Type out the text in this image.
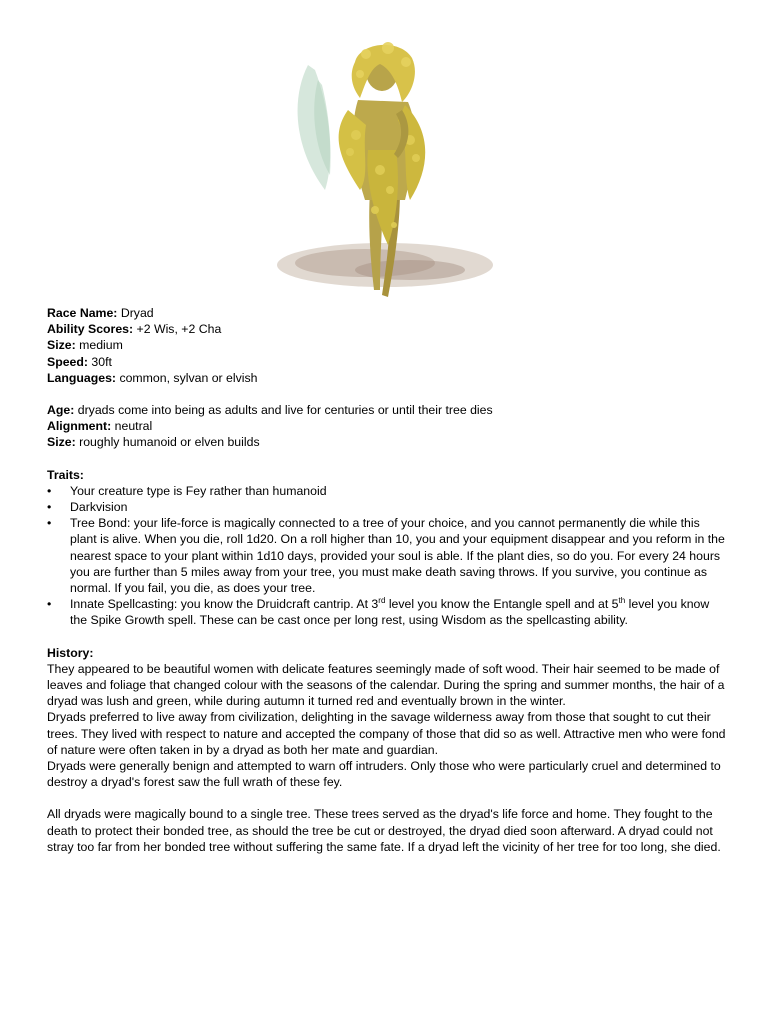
Race Name: Dryad

Ability Scores: +2 Wis, +2 Cha

Size: medium

Speed: 30ft

Languages: common, sylvan or elvish

Age: dryads come into being as adults and live for centuries or until their tree dies

Alignment: neutral

Size: roughly humanoid or elven builds

Traits:

• Your creature type is Fey rather than humanoid
• Darkvision
• Tree Bond: your life-force is magically connected to a tree of your choice, and you cannot permanently die while this plant is alive. When you die, roll 1d20. On a roll higher than 10, you and your equipment disappear and you reform in the nearest space to your plant within 1d10 days, provided your soul is able. If the plant dies, so do you. For every 24 hours you are further than 5 miles away from your tree, you must make death saving throws. If you survive, you continue as normal. If you fail, you die, as does your tree.
• Innate Spellcasting: you know the Druidcraft cantrip. At 3rd level you know the Entangle spell and at 5th level you know the Spike Growth spell. These can be cast once per long rest, using Wisdom as the spellcasting ability.

History:

They appeared to be beautiful women with delicate features seemingly made of soft wood. Their hair seemed to be made of leaves and foliage that changed colour with the seasons of the calendar. During the spring and summer months, the hair of a dryad was lush and green, while during autumn it turned red and eventually brown in the winter.

Dryads preferred to live away from civilization, delighting in the savage wilderness away from those that sought to cut their trees. They lived with respect to nature and accepted the company of those that did so as well. Attractive men who were fond of nature were often taken in by a dryad as both her mate and guardian.

Dryads were generally benign and attempted to warn off intruders. Only those who were particularly cruel and determined to destroy a dryad's forest saw the full wrath of these fey.

All dryads were magically bound to a single tree. These trees served as the dryad's life force and home. They fought to the death to protect their bonded tree, as should the tree be cut or destroyed, the dryad died soon afterward. A dryad could not stray too far from her bonded tree without suffering the same fate. If a dryad left the vicinity of her tree for too long, she died.
